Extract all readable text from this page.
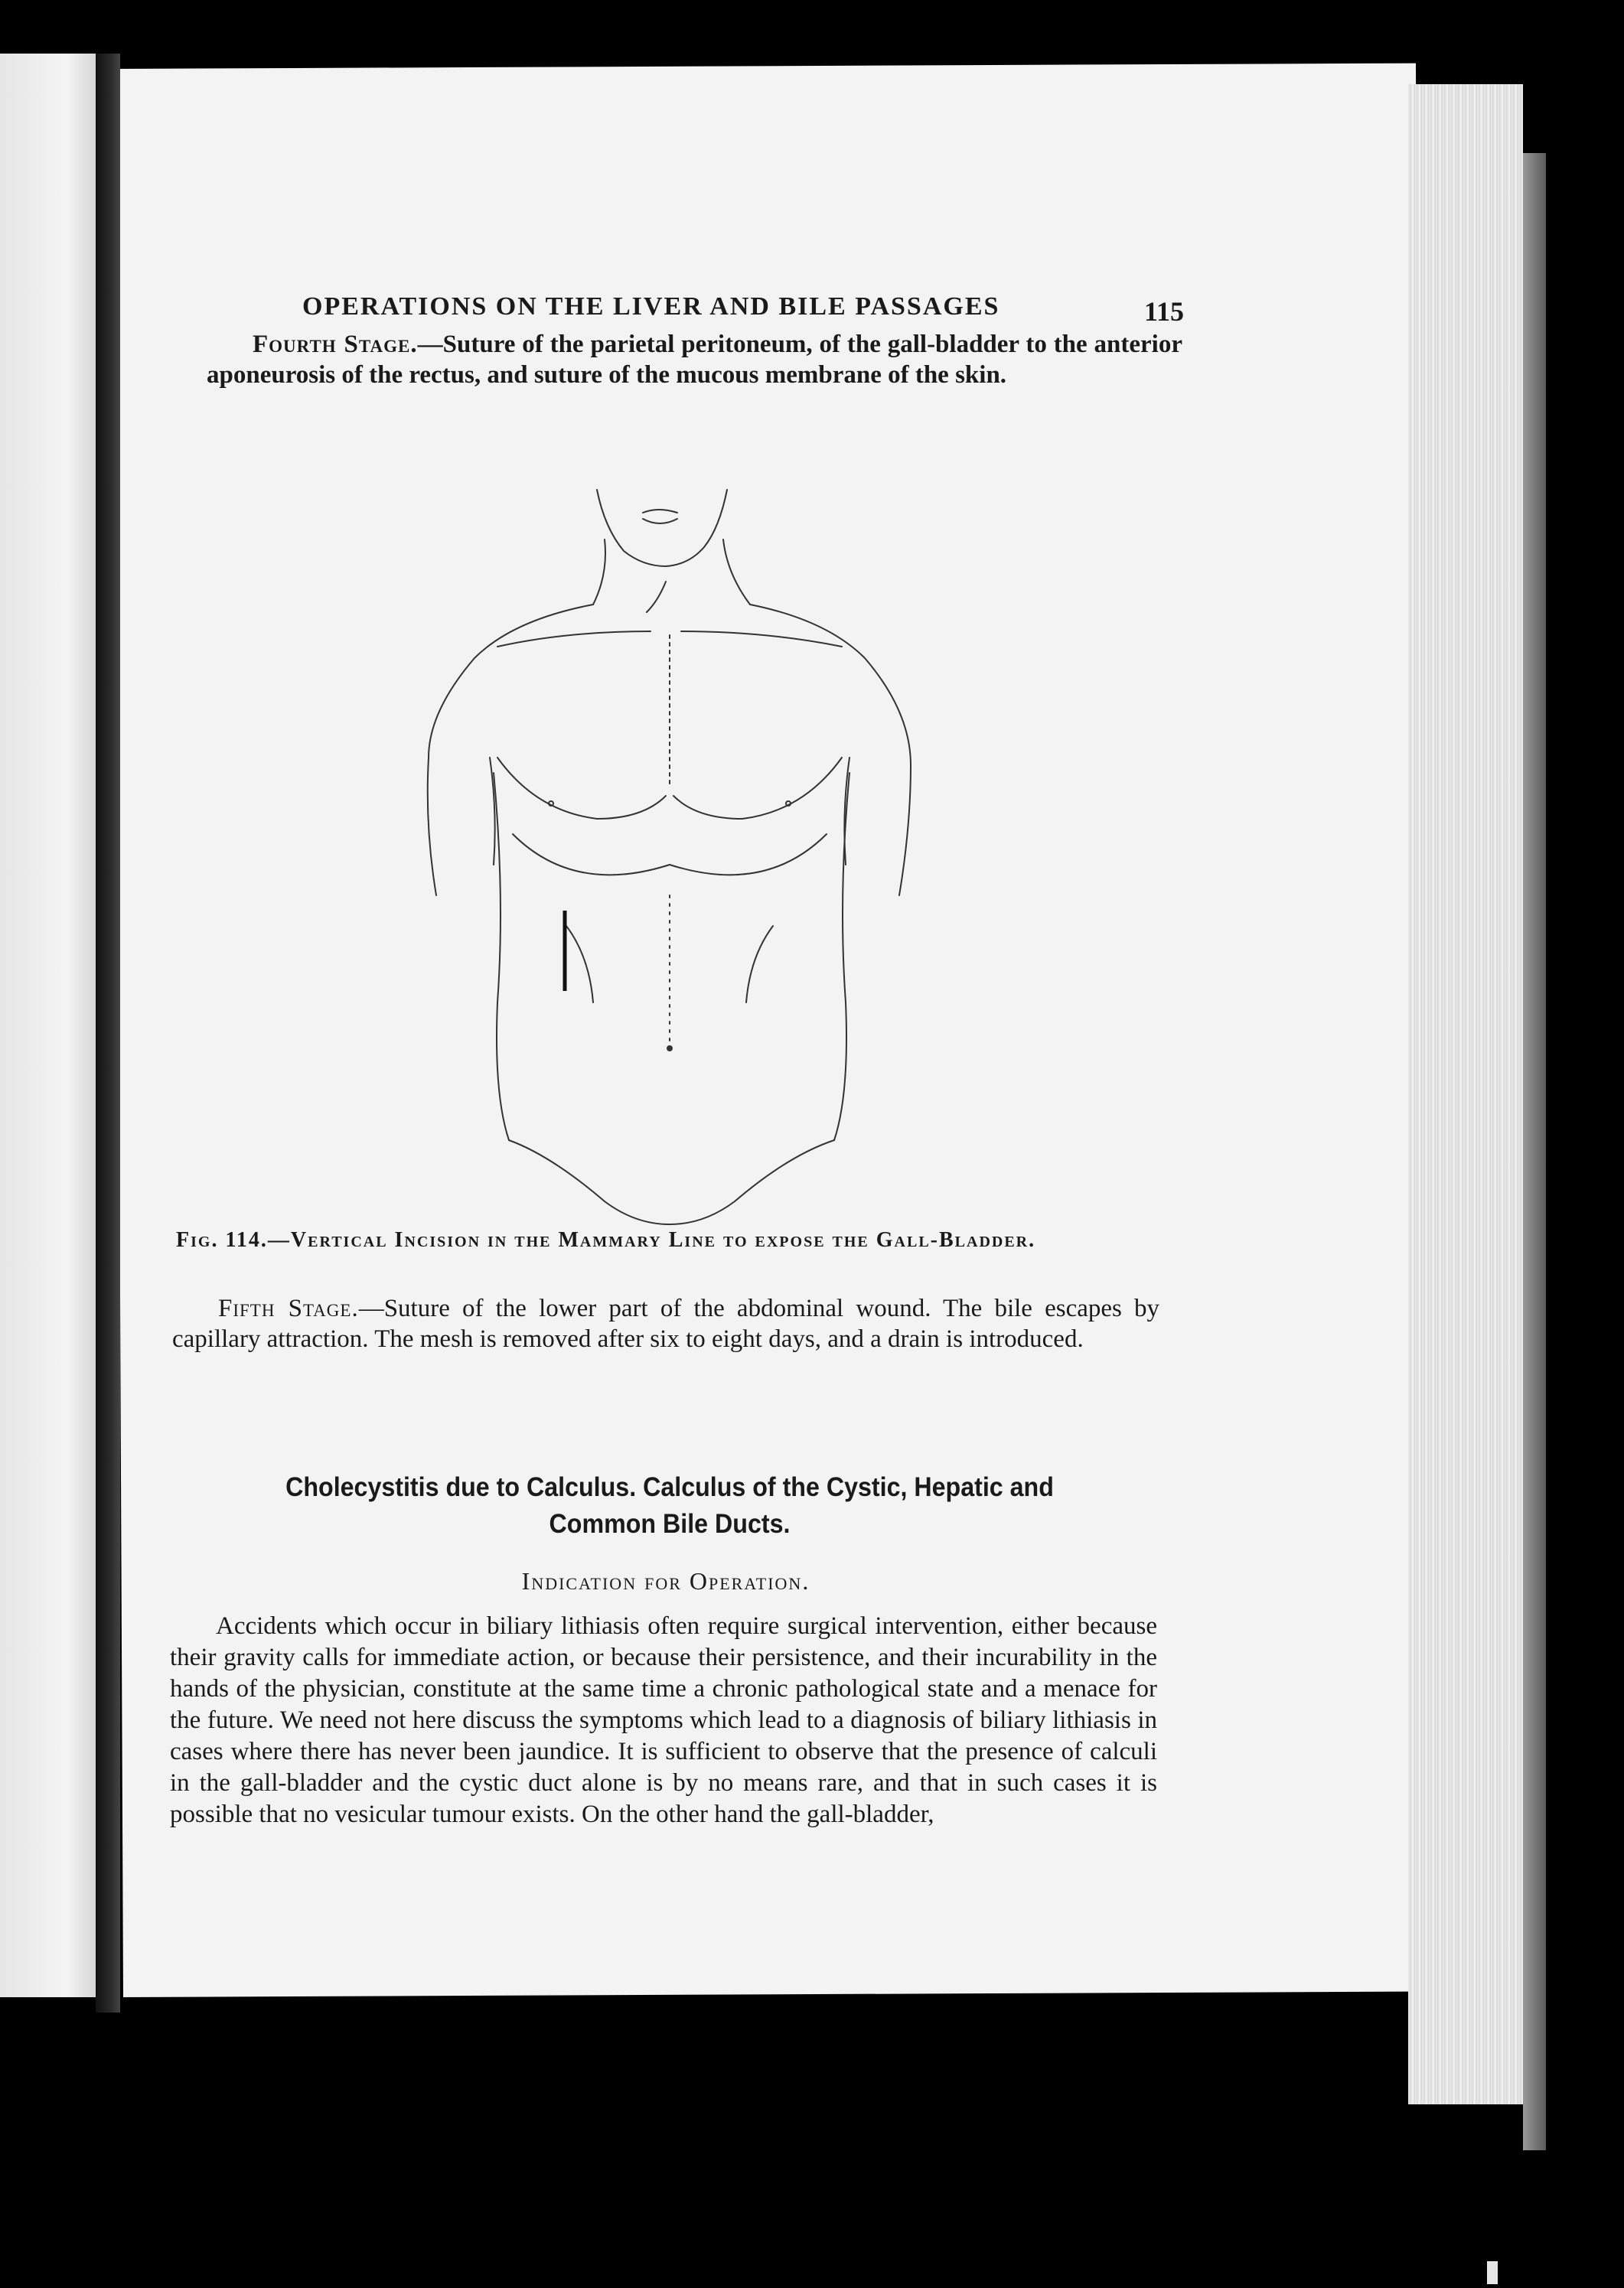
OPERATIONS ON THE LIVER AND BILE PASSAGES	115
Fourth Stage.—Suture of the parietal peritoneum, of the gall-bladder to the anterior aponeurosis of the rectus, and suture of the mucous membrane of the skin.
Fig. 114.—Vertical Incision in the Mammary Line to expose the Gall-Bladder.
Fifth Stage.—Suture of the lower part of the abdominal wound. The bile escapes by capillary attraction. The mesh is removed after six to eight days, and a drain is introduced.
Cholecystitis due to Calculus. Calculus of the Cystic, Hepatic and
Common Bile Ducts.
Indication for Operation.
Accidents which occur in biliary lithiasis often require surgical intervention, either because their gravity calls for immediate action, or because their persistence, and their incurability in the hands of the physician, constitute at the same time a chronic pathological state and a menace for the future. We need not here discuss the symptoms which lead to a diagnosis of biliary lithiasis in cases where there has never been jaundice. It is sufficient to observe that the presence of calculi in the gall-bladder and the cystic duct alone is by no means rare, and that in such cases it is possible that no vesicular tumour exists. On the other hand the gall-bladder,
